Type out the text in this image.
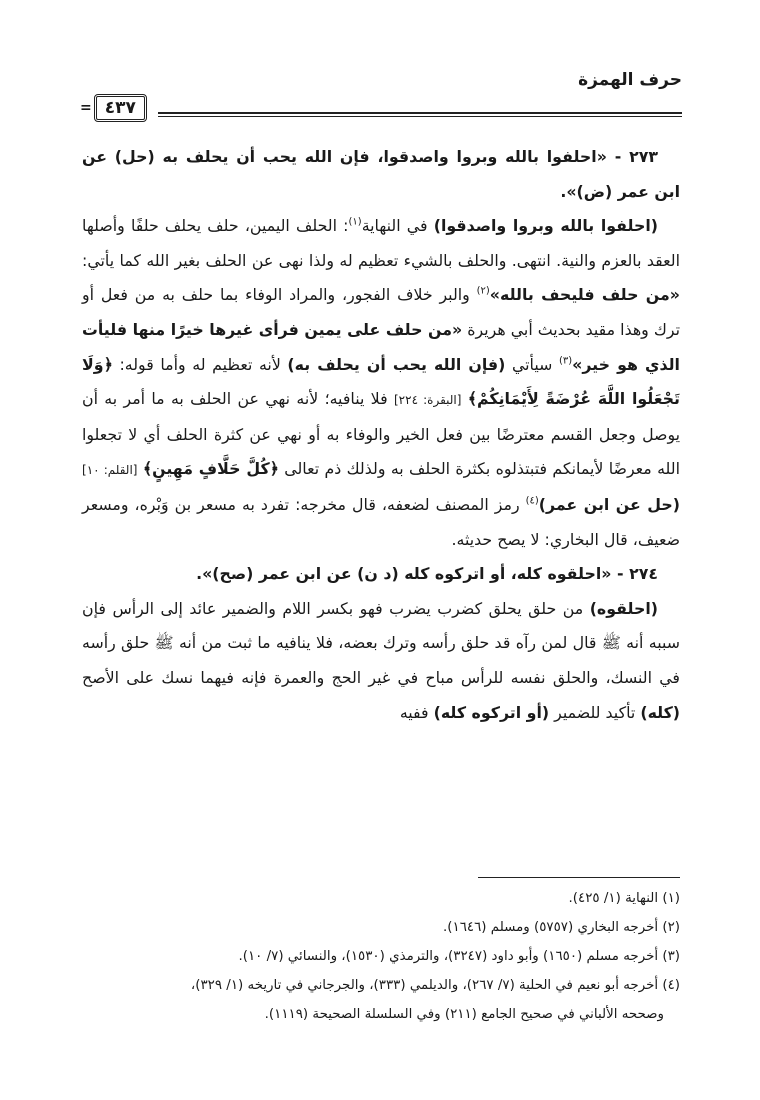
حرف الهمزة
= ٤٣٧

٢٧٣ - «احلفوا بالله وبروا واصدقوا، فإن الله يحب أن يحلف به (حل) عن ابن عمر (ض)».

(احلفوا بالله وبروا واصدقوا) في النهاية$^{(١)}$: الحلف اليمين، حلف يحلف حلفًا وأصلها العقد بالعزم والنية. انتهى. والحلف بالشيء تعظيم له ولذا نهى عن الحلف بغير الله كما يأتي: «من حلف فليحف بالله»$^{(٢)}$ والبر خلاف الفجور، والمراد الوفاء بما حلف به من فعل أو ترك وهذا مقيد بحديث أبي هريرة «من حلف على يمين فرأى غيرها خيرًا منها فليأت الذي هو خير»$^{(٣)}$ سيأتي (فإن الله يحب أن يحلف به) لأنه تعظيم له وأما قوله: ﴿وَلَا تَجْعَلُوا اللَّهَ عُرْضَةً لِأَيْمَانِكُمْ﴾ [البقرة: ٢٢٤] فلا ينافيه؛ لأنه نهي عن الحلف به ما أمر به أن يوصل وجعل القسم معترضًا بين فعل الخير والوفاء به أو نهي عن كثرة الحلف أي لا تجعلوا الله معرضًا لأيمانكم فتبتذلوه بكثرة الحلف به ولذلك ذم تعالى ﴿كُلَّ حَلَّافٍ مَهِينٍ﴾ [القلم: ١٠] (حل عن ابن عمر)$^{(٤)}$ رمز المصنف لضعفه، قال مخرجه: تفرد به مسعر بن وَبْره، ومسعر ضعيف، قال البخاري: لا يصح حديثه.

٢٧٤ - «احلقوه كله، أو اتركوه كله (د ن) عن ابن عمر (صح)».

(احلقوه) من حلق يحلق كضرب يضرب فهو بكسر اللام والضمير عائد إلى الرأس فإن سببه أنه ﷺ قال لمن رآه قد حلق رأسه وترك بعضه، فلا ينافيه ما ثبت من أنه ﷺ حلق رأسه في النسك، والحلق نفسه للرأس مباح في غير الحج والعمرة فإنه فيهما نسك على الأصح (كله) تأكيد للضمير (أو اتركوه كله) ففيه

(١) النهاية (١/ ٤٢٥).

(٢) أخرجه البخاري (٥٧٥٧) ومسلم (١٦٤٦).

(٣) أخرجه مسلم (١٦٥٠) وأبو داود (٣٢٤٧)، والترمذي (١٥٣٠)، والنسائي (٧/ ١٠).

(٤) أخرجه أبو نعيم في الحلية (٧/ ٢٦٧)، والديلمي (٣٣٣)، والجرجاني في تاريخه (١/ ٣٢٩)،

وصححه الألباني في صحيح الجامع (٢١١) وفي السلسلة الصحيحة (١١١٩).
